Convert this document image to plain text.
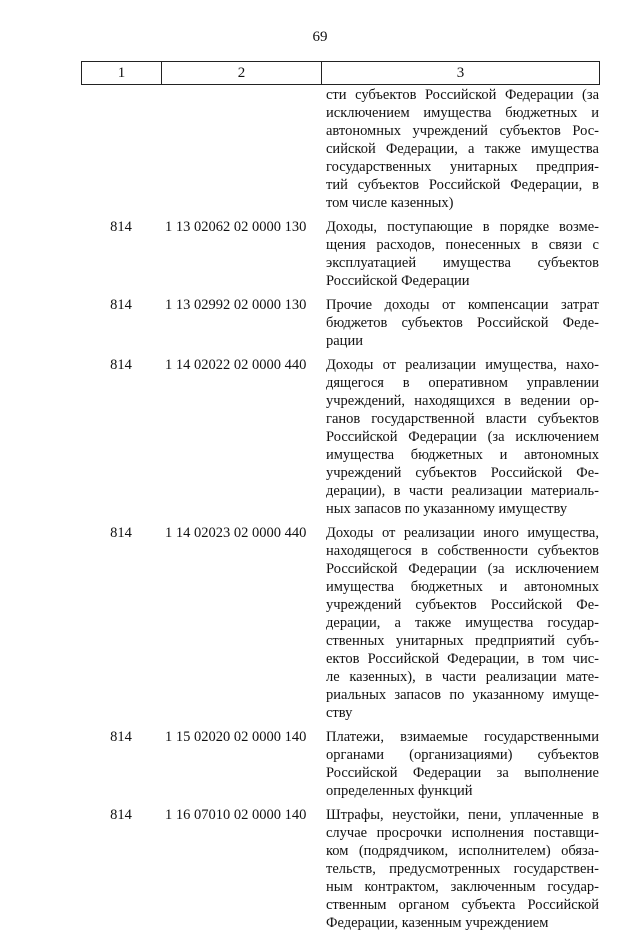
69
1	2	3
сти субъектов Российской Федерации (за
исключением имущества бюджетных и
автономных учреждений субъектов Рос-
сийской Федерации, а также имущества
государственных унитарных предприя-
тий субъектов Российской Федерации, в
том числе казенных)
814	1 13 02062 02 0000 130	Доходы, поступающие в порядке возме-
щения расходов, понесенных в связи с
эксплуатацией имущества субъектов
Российской Федерации
814	1 13 02992 02 0000 130	Прочие доходы от компенсации затрат
бюджетов субъектов Российской Феде-
рации
814	1 14 02022 02 0000 440	Доходы от реализации имущества, нахо-
дящегося в оперативном управлении
учреждений, находящихся в ведении ор-
ганов государственной власти субъектов
Российской Федерации (за исключением
имущества бюджетных и автономных
учреждений субъектов Российской Фе-
дерации), в части реализации материаль-
ных запасов по указанному имуществу
814	1 14 02023 02 0000 440	Доходы от реализации иного имущества,
находящегося в собственности субъектов
Российской Федерации (за исключением
имущества бюджетных и автономных
учреждений субъектов Российской Фе-
дерации, а также имущества государ-
ственных унитарных предприятий субъ-
ектов Российской Федерации, в том чис-
ле казенных), в части реализации мате-
риальных запасов по указанному имуще-
ству
814	1 15 02020 02 0000 140	Платежи, взимаемые государственными
органами (организациями) субъектов
Российской Федерации за выполнение
определенных функций
814	1 16 07010 02 0000 140	Штрафы, неустойки, пени, уплаченные в
случае просрочки исполнения поставщи-
ком (подрядчиком, исполнителем) обяза-
тельств, предусмотренных государствен-
ным контрактом, заключенным государ-
ственным органом субъекта Российской
Федерации, казенным учреждением
